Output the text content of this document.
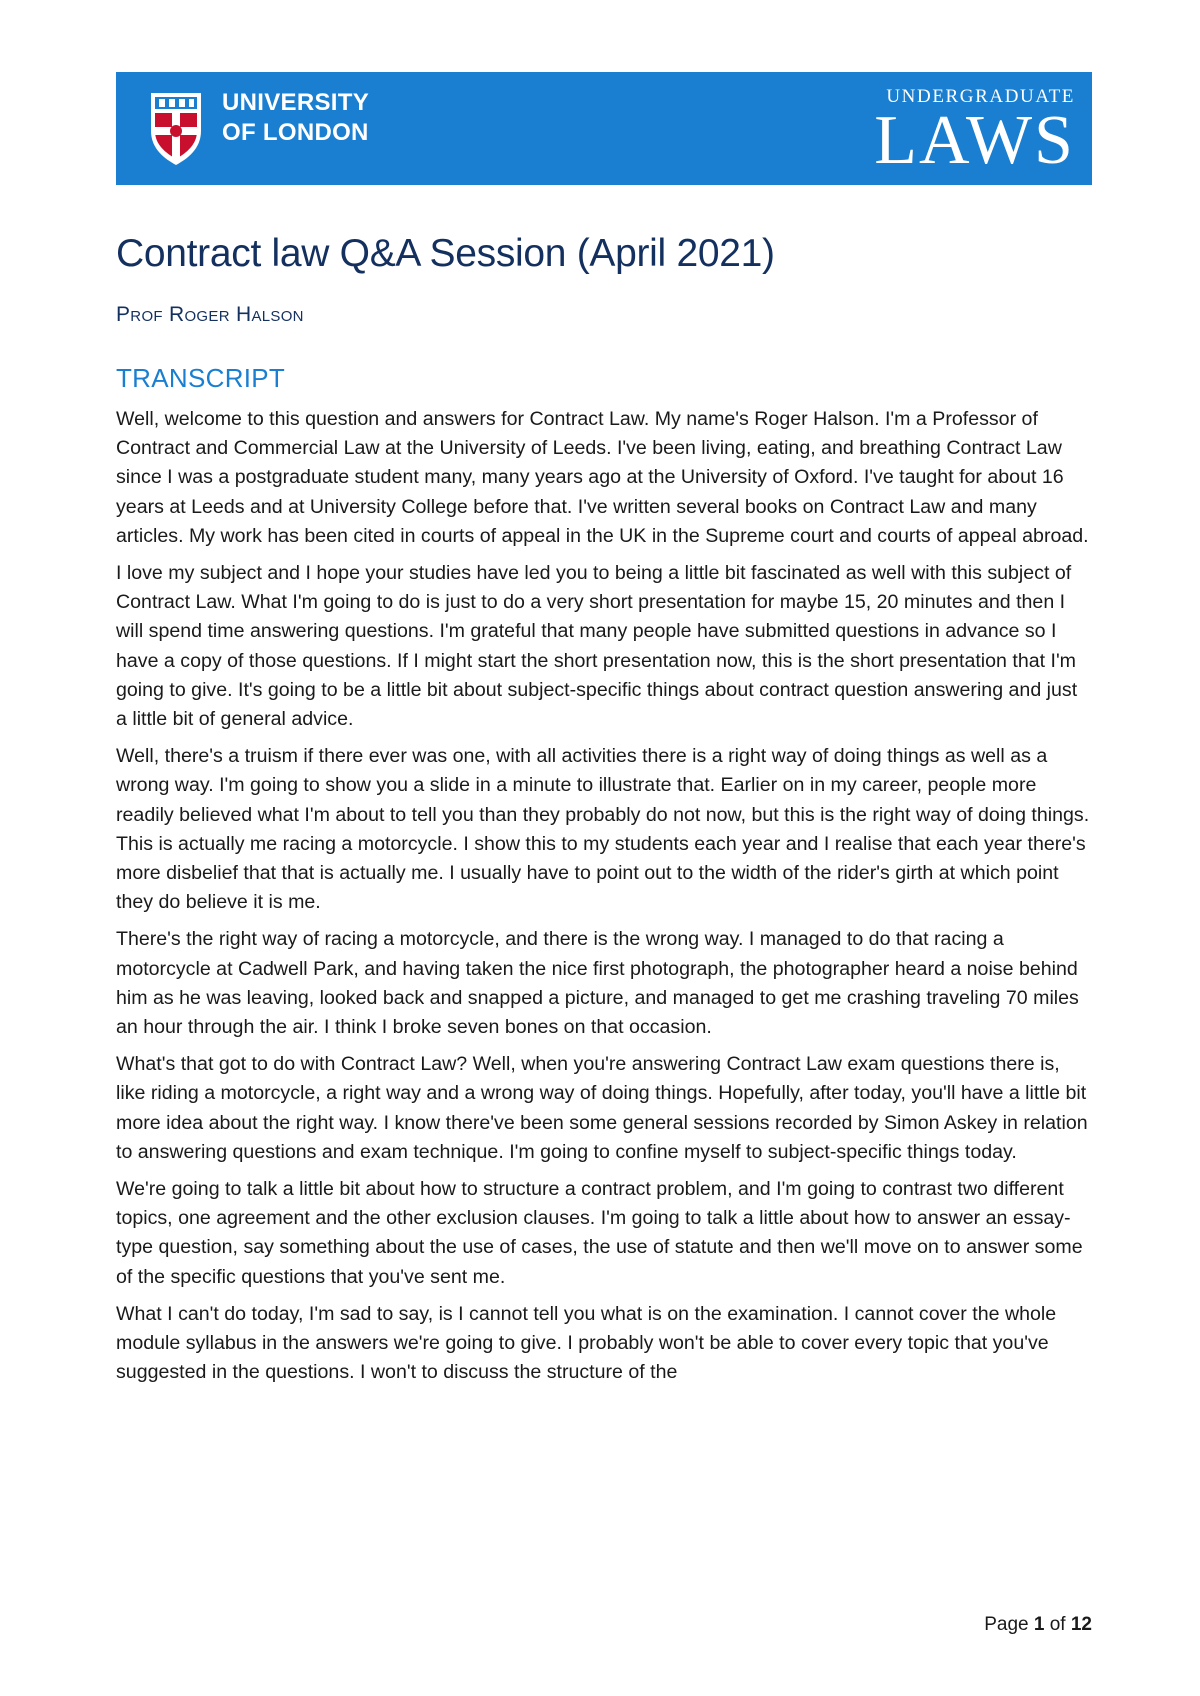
UNIVERSITY
OF LONDON
UNDERGRADUATE
LAWS
Contract law Q&A Session (April 2021)
Prof Roger Halson
TRANSCRIPT

Well, welcome to this question and answers for Contract Law. My name's Roger Halson. I'm a Professor of Contract and Commercial Law at the University of Leeds. I've been living, eating, and breathing Contract Law since I was a postgraduate student many, many years ago at the University of Oxford. I've taught for about 16 years at Leeds and at University College before that. I've written several books on Contract Law and many articles. My work has been cited in courts of appeal in the UK in the Supreme court and courts of appeal abroad.

I love my subject and I hope your studies have led you to being a little bit fascinated as well with this subject of Contract Law. What I'm going to do is just to do a very short presentation for maybe 15, 20 minutes and then I will spend time answering questions. I'm grateful that many people have submitted questions in advance so I have a copy of those questions. If I might start the short presentation now, this is the short presentation that I'm going to give. It's going to be a little bit about subject-specific things about contract question answering and just a little bit of general advice.

Well, there's a truism if there ever was one, with all activities there is a right way of doing things as well as a wrong way. I'm going to show you a slide in a minute to illustrate that. Earlier on in my career, people more readily believed what I'm about to tell you than they probably do not now, but this is the right way of doing things. This is actually me racing a motorcycle. I show this to my students each year and I realise that each year there's more disbelief that that is actually me. I usually have to point out to the width of the rider's girth at which point they do believe it is me.

There's the right way of racing a motorcycle, and there is the wrong way. I managed to do that racing a motorcycle at Cadwell Park, and having taken the nice first photograph, the photographer heard a noise behind him as he was leaving, looked back and snapped a picture, and managed to get me crashing traveling 70 miles an hour through the air. I think I broke seven bones on that occasion.

What's that got to do with Contract Law? Well, when you're answering Contract Law exam questions there is, like riding a motorcycle, a right way and a wrong way of doing things. Hopefully, after today, you'll have a little bit more idea about the right way. I know there've been some general sessions recorded by Simon Askey in relation to answering questions and exam technique. I'm going to confine myself to subject-specific things today.

We're going to talk a little bit about how to structure a contract problem, and I'm going to contrast two different topics, one agreement and the other exclusion clauses. I'm going to talk a little about how to answer an essay-type question, say something about the use of cases, the use of statute and then we'll move on to answer some of the specific questions that you've sent me.

What I can't do today, I'm sad to say, is I cannot tell you what is on the examination. I cannot cover the whole module syllabus in the answers we're going to give. I probably won't be able to cover every topic that you've suggested in the questions. I won't to discuss the structure of the

Page 1 of 12
